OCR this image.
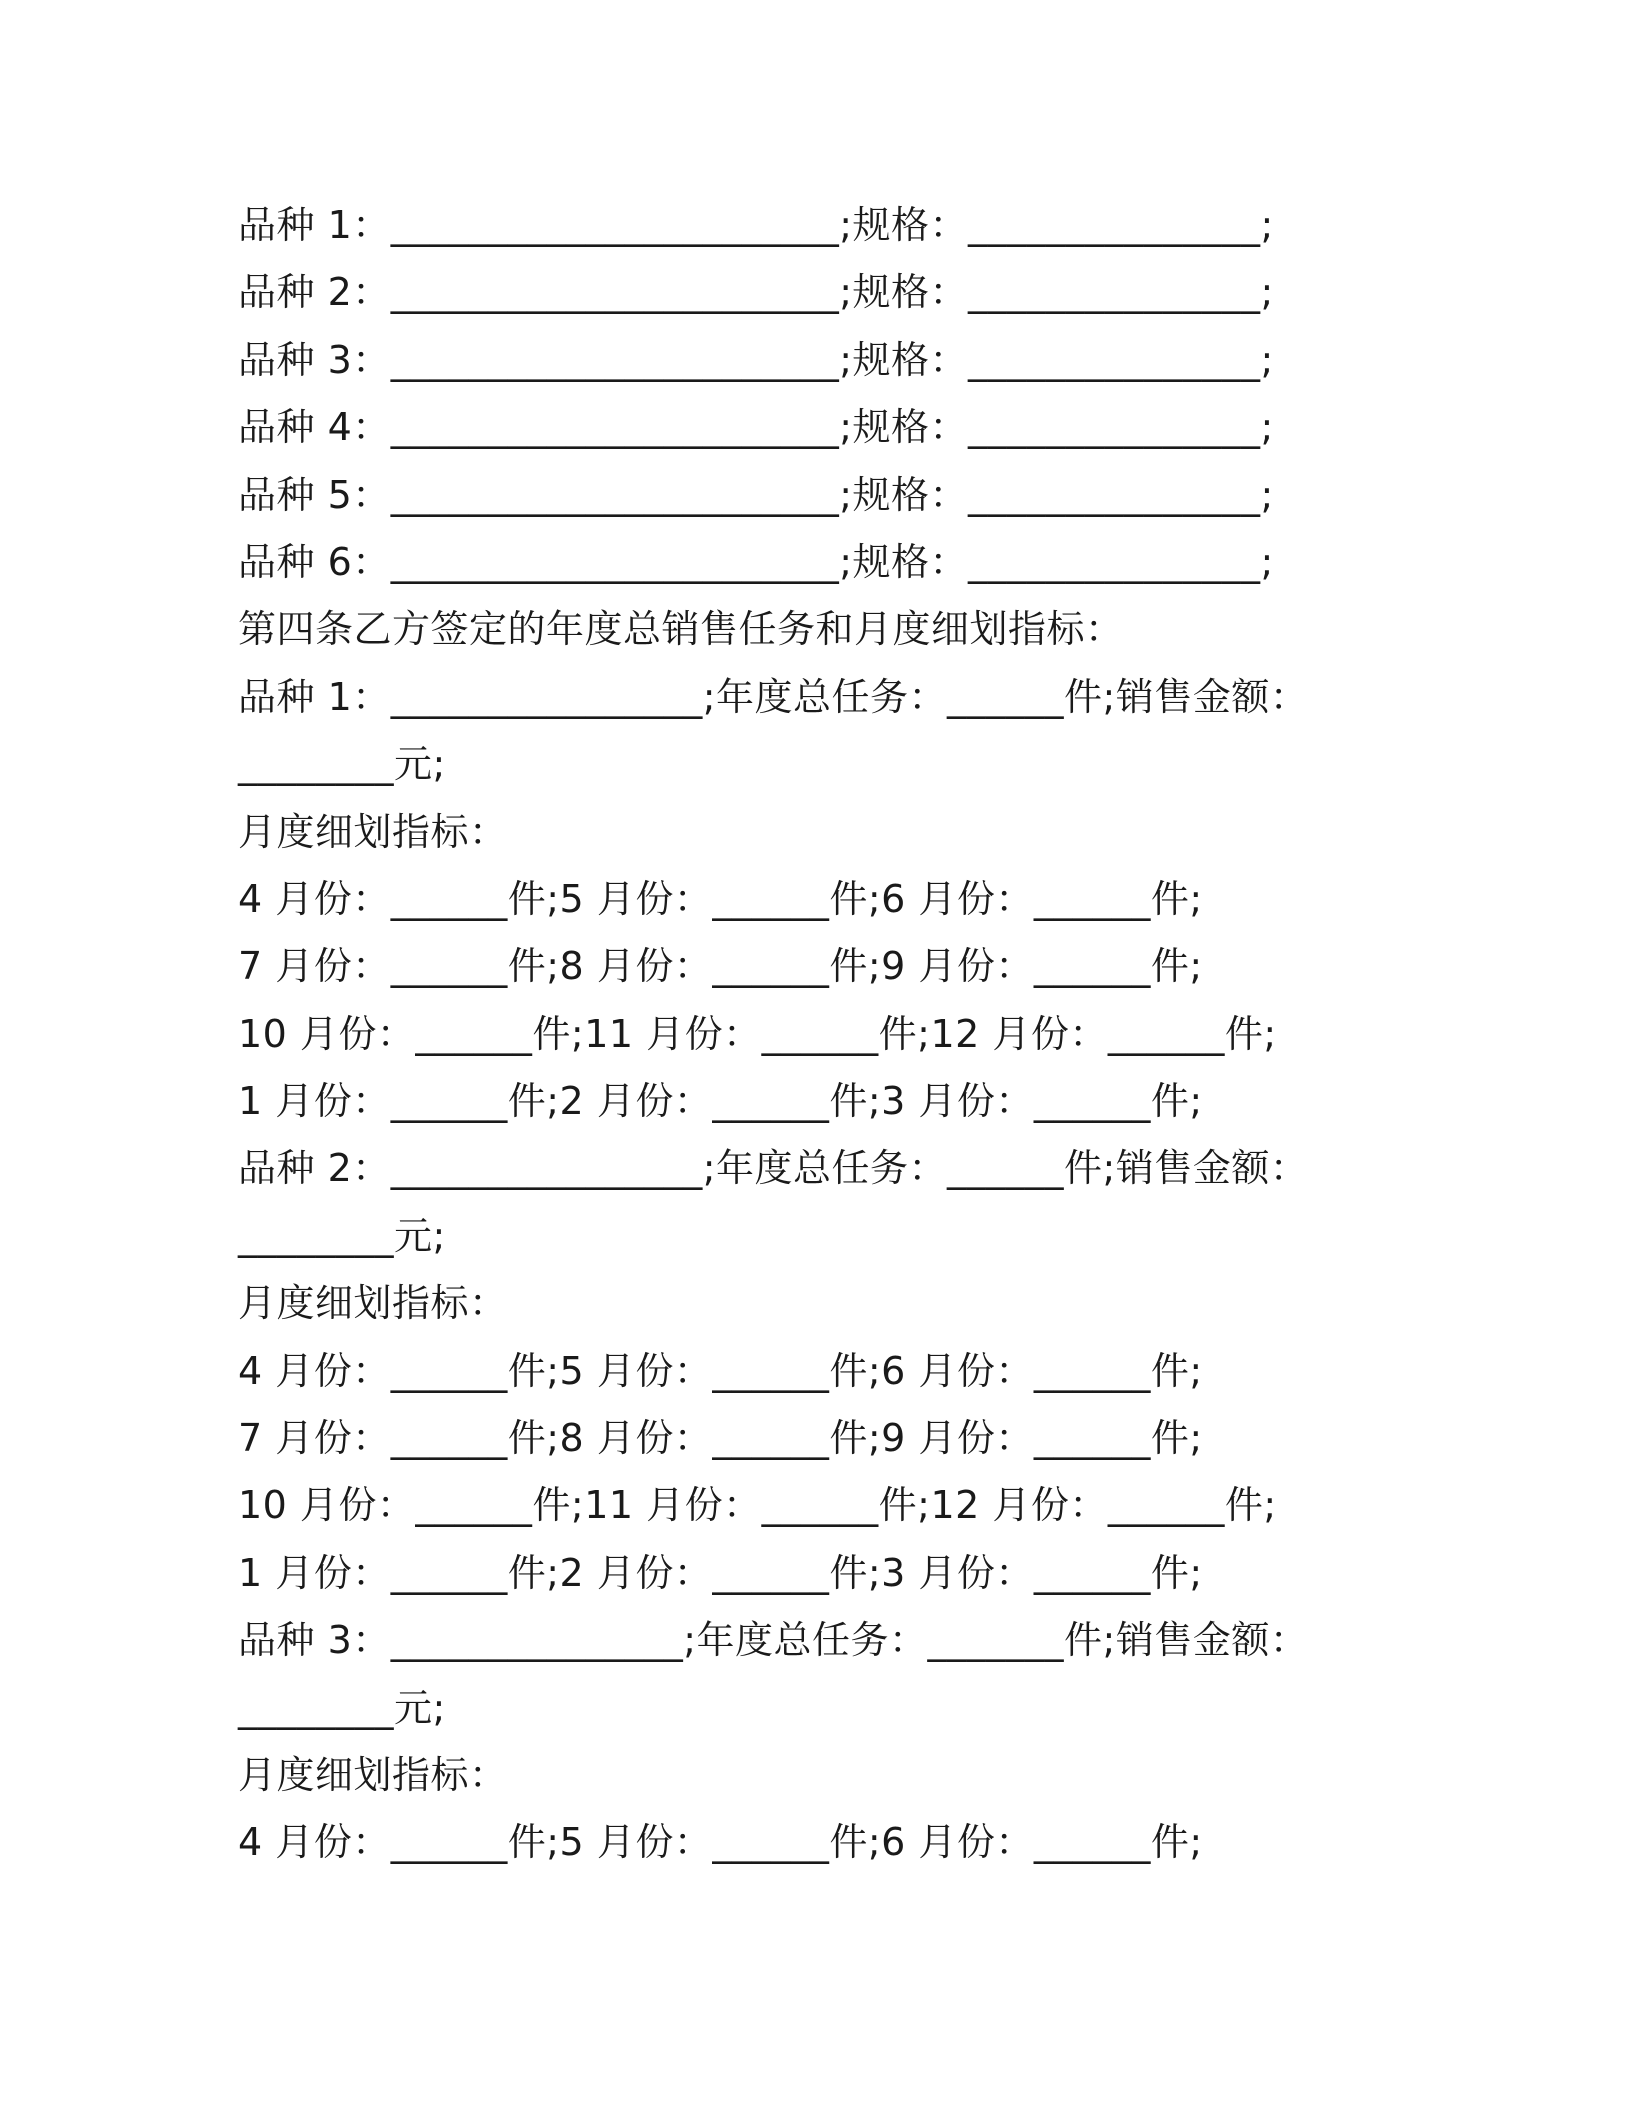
品种 1：_______________________;规格：_______________;
品种 2：_______________________;规格：_______________;
品种 3：_______________________;规格：_______________;
品种 4：_______________________;规格：_______________;
品种 5：_______________________;规格：_______________;
品种 6：_______________________;规格：_______________;
第四条乙方签定的年度总销售任务和月度细划指标：
品种 1：________________;年度总任务：______件;销售金额：
________元;
月度细划指标：
4 月份：______件;5 月份：______件;6 月份：______件;
7 月份：______件;8 月份：______件;9 月份：______件;
10 月份：______件;11 月份：______件;12 月份：______件;
1 月份：______件;2 月份：______件;3 月份：______件;
品种 2：________________;年度总任务：______件;销售金额：
________元;
月度细划指标：
4 月份：______件;5 月份：______件;6 月份：______件;
7 月份：______件;8 月份：______件;9 月份：______件;
10 月份：______件;11 月份：______件;12 月份：______件;
1 月份：______件;2 月份：______件;3 月份：______件;
品种 3：_______________;年度总任务：_______件;销售金额：
________元;
月度细划指标：
4 月份：______件;5 月份：______件;6 月份：______件;
